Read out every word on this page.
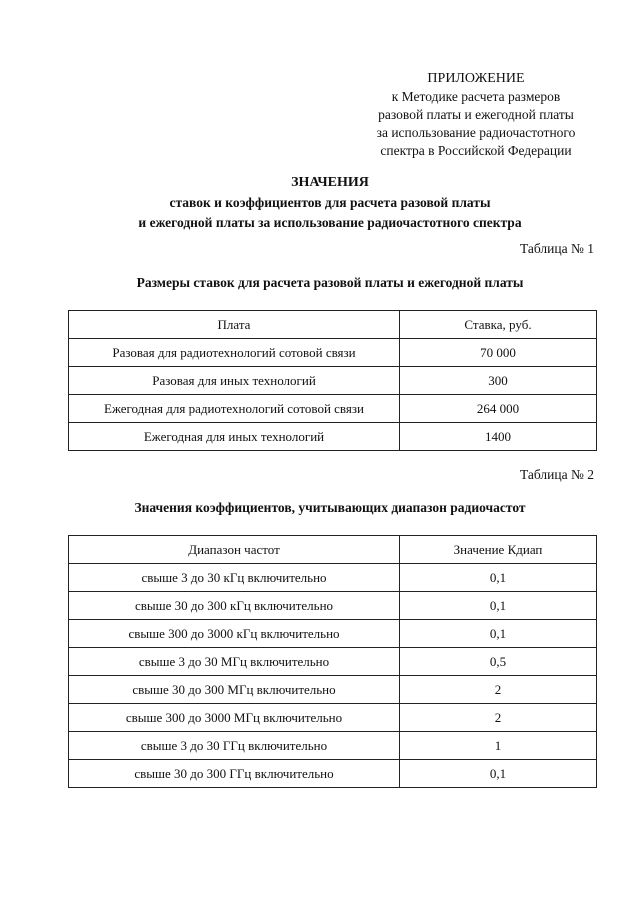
ПРИЛОЖЕНИЕ
к Методике расчета размеров
разовой платы и ежегодной платы
за использование радиочастотного
спектра в Российской Федерации
ЗНАЧЕНИЯ
ставок и коэффициентов для расчета разовой платы
и ежегодной платы за использование радиочастотного спектра
Таблица № 1
Размеры ставок для расчета разовой платы и ежегодной платы
Плата	Ставка, руб.
Разовая для радиотехнологий сотовой связи	70 000
Разовая для иных технологий	300
Ежегодная для радиотехнологий сотовой связи	264 000
Ежегодная для иных технологий	1400
Таблица № 2
Значения коэффициентов, учитывающих диапазон радиочастот
Диапазон частот	Значение Кдиап
свыше 3 до 30 кГц включительно	0,1
свыше 30 до 300 кГц включительно	0,1
свыше 300 до 3000 кГц включительно	0,1
свыше 3 до 30 МГц включительно	0,5
свыше 30 до 300 МГц включительно	2
свыше 300 до 3000 МГц включительно	2
свыше 3 до 30 ГГц включительно	1
свыше 30 до 300 ГГц включительно	0,1
